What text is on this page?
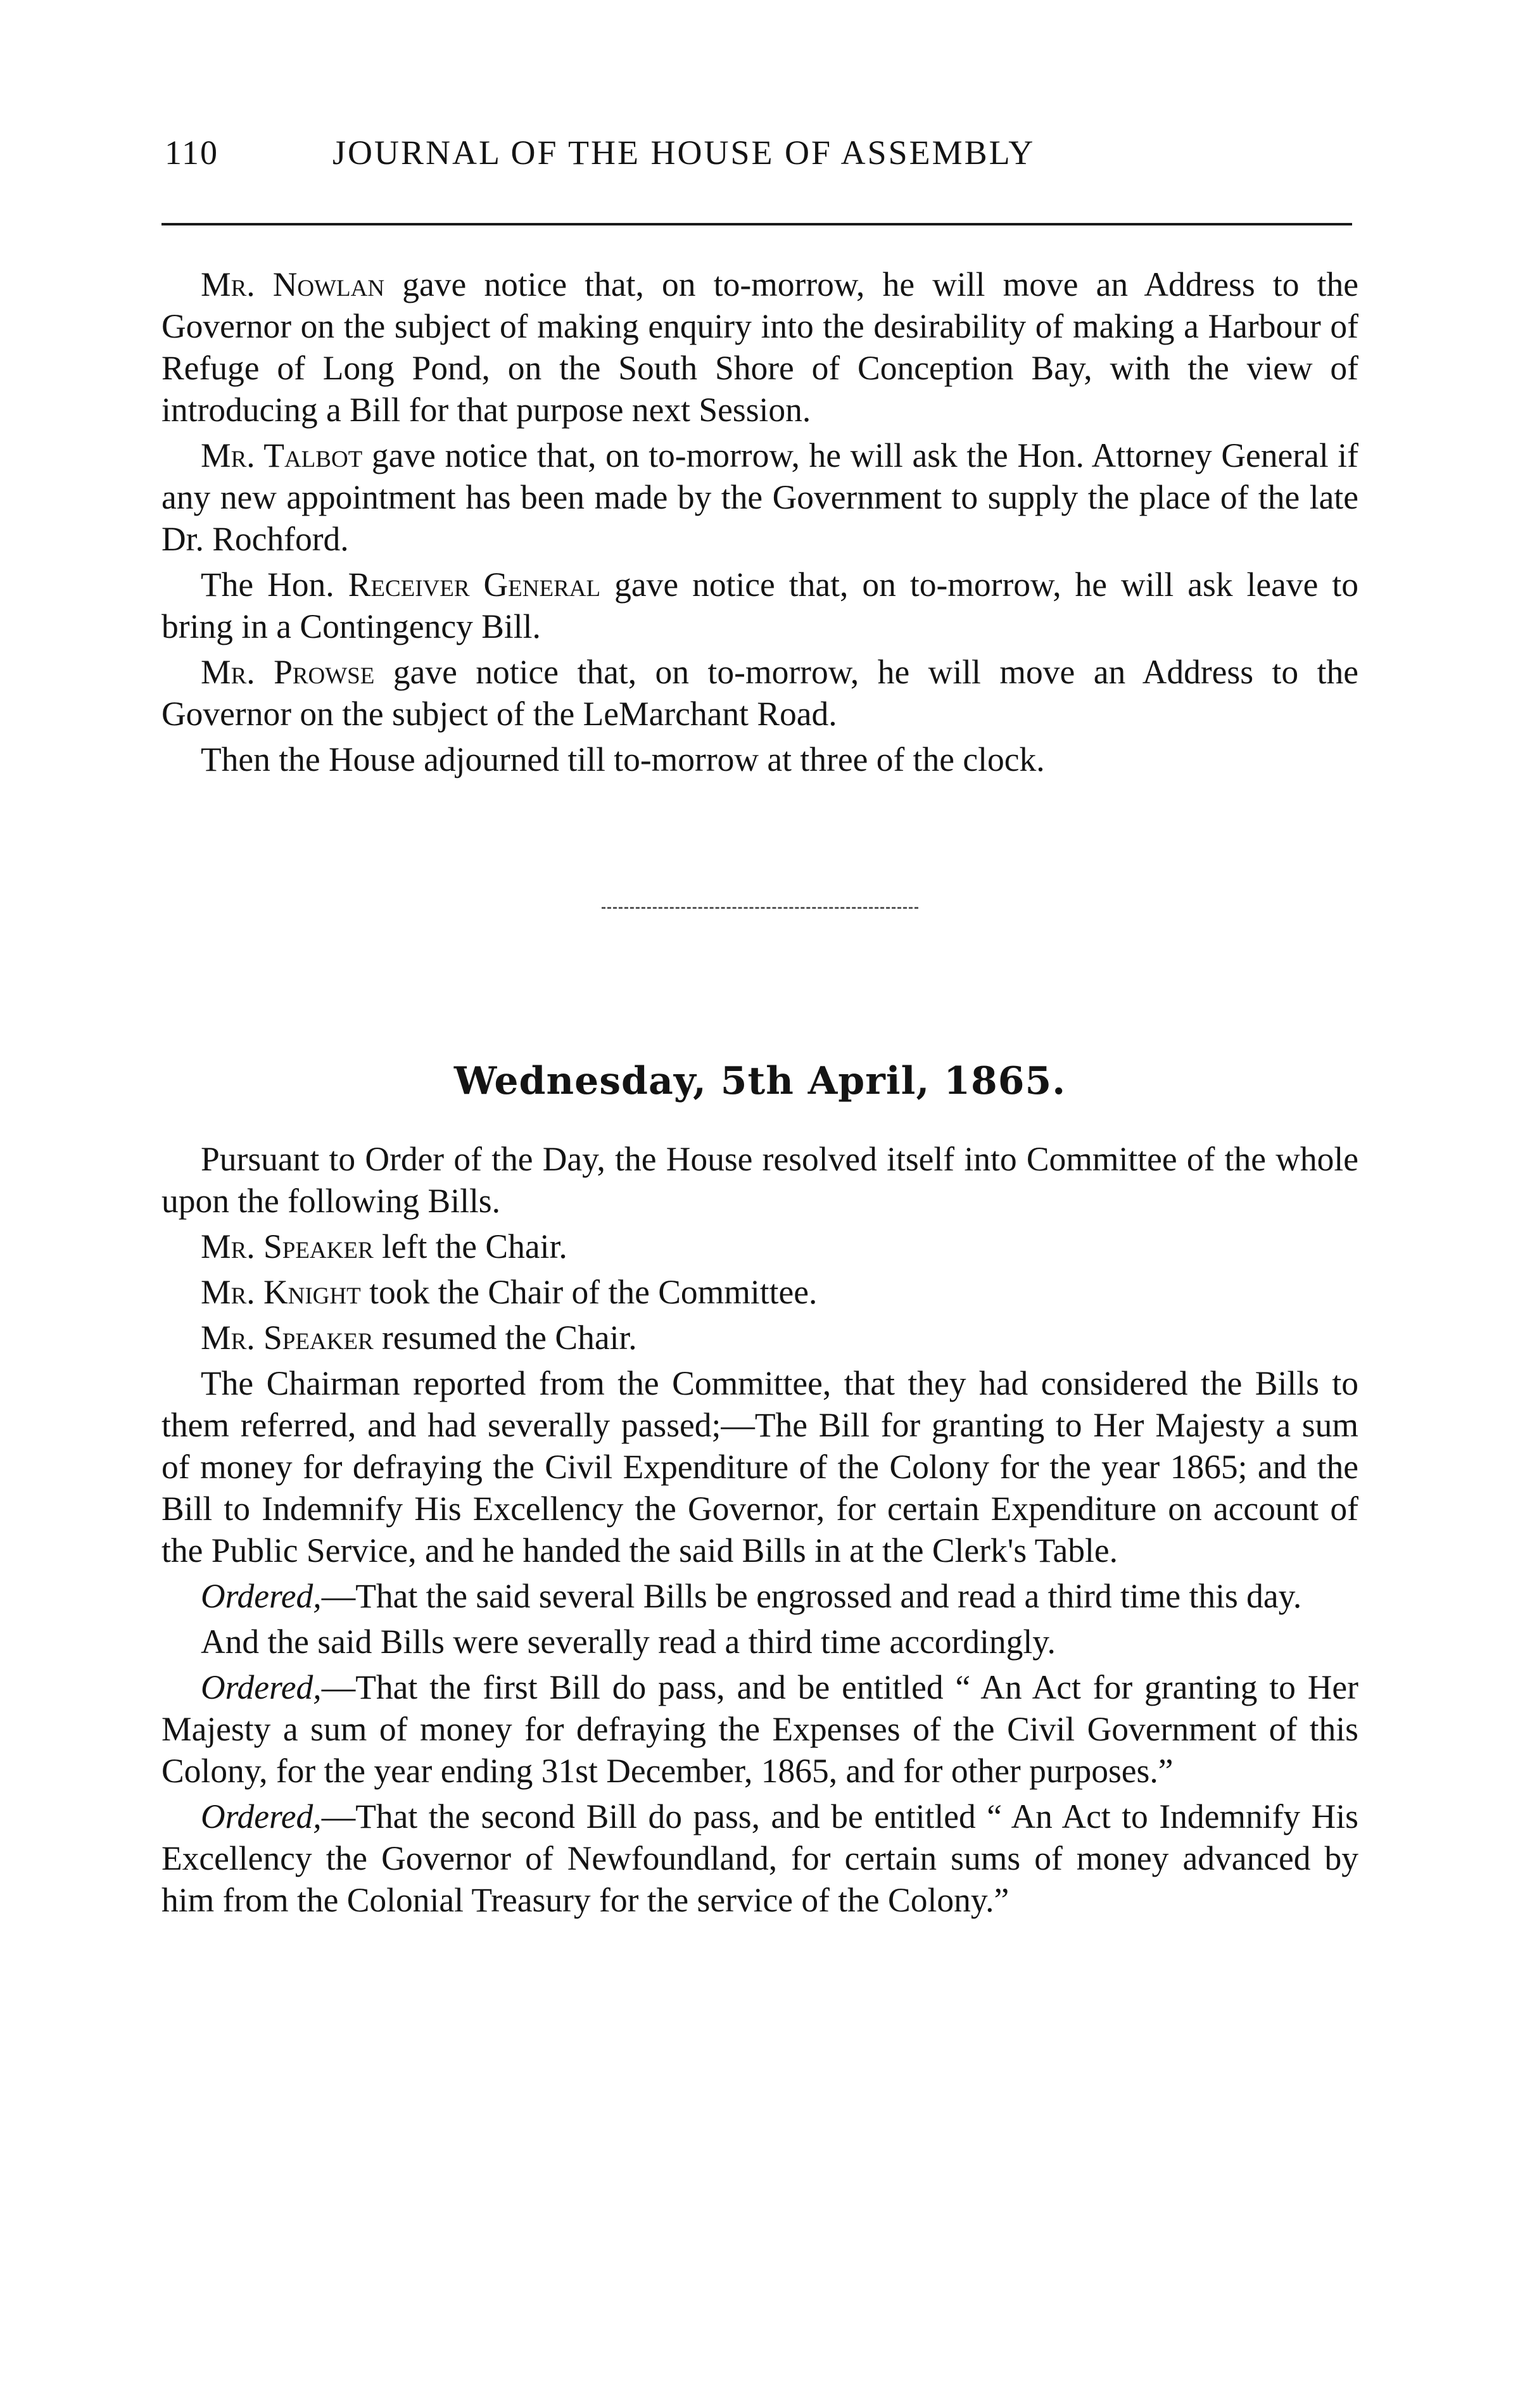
110	JOURNAL OF THE HOUSE OF ASSEMBLY

Mr. Nowlan gave notice that, on to-morrow, he will move an Address to the Governor on the subject of making enquiry into the desirability of making a Harbour of Refuge of Long Pond, on the South Shore of Conception Bay, with the view of introducing a Bill for that purpose next Session.

Mr. Talbot gave notice that, on to-morrow, he will ask the Hon. Attorney General if any new appointment has been made by the Government to supply the place of the late Dr. Rochford.

The Hon. Receiver General gave notice that, on to-morrow, he will ask leave to bring in a Contingency Bill.

Mr. Prowse gave notice that, on to-morrow, he will move an Address to the Governor on the subject of the LeMarchant Road.

Then the House adjourned till to-morrow at three of the clock.

Wednesday, 5th April, 1865.

Pursuant to Order of the Day, the House resolved itself into Committee of the whole upon the following Bills.

Mr. Speaker left the Chair.

Mr. Knight took the Chair of the Committee.

Mr. Speaker resumed the Chair.

The Chairman reported from the Committee, that they had considered the Bills to them referred, and had severally passed;—The Bill for granting to Her Majesty a sum of money for defraying the Civil Expenditure of the Colony for the year 1865; and the Bill to Indemnify His Excellency the Governor, for certain Expenditure on account of the Public Service, and he handed the said Bills in at the Clerk's Table.

Ordered,—That the said several Bills be engrossed and read a third time this day.

And the said Bills were severally read a third time accordingly.

Ordered,—That the first Bill do pass, and be entitled “ An Act for granting to Her Majesty a sum of money for defraying the Expenses of the Civil Government of this Colony, for the year ending 31st December, 1865, and for other purposes.”

Ordered,—That the second Bill do pass, and be entitled “ An Act to Indemnify His Excellency the Governor of Newfoundland, for certain sums of money advanced by him from the Colonial Treasury for the service of the Colony.”
